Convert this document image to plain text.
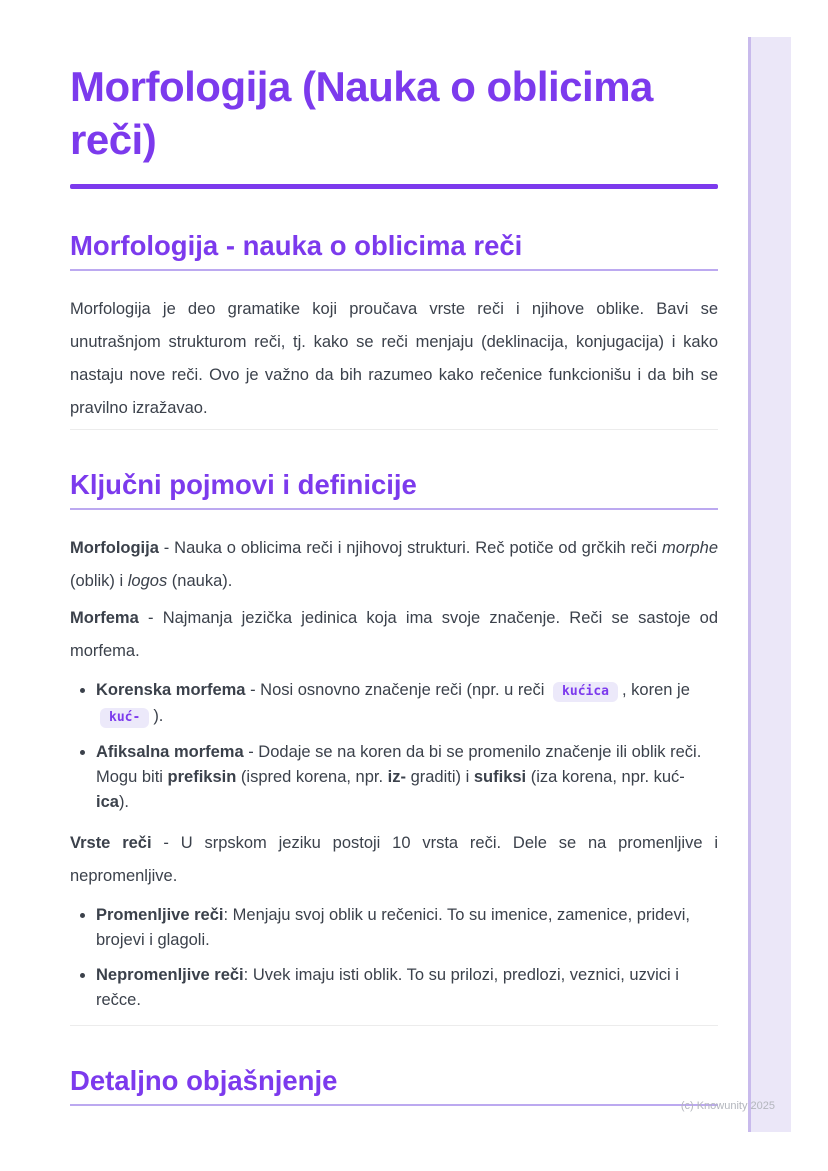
Morfologija (Nauka o oblicima reči)
Morfologija - nauka o oblicima reči

Morfologija je deo gramatike koji proučava vrste reči i njihove oblike. Bavi se unutrašnjom strukturom reči, tj. kako se reči menjaju (deklinacija, konjugacija) i kako nastaju nove reči. Ovo je važno da bih razumeo kako rečenice funkcionišu i da bih se pravilno izražavao.

Ključni pojmovi i definicije

Morfologija - Nauka o oblicima reči i njihovoj strukturi. Reč potiče od grčkih reči morphe (oblik) i logos (nauka).

Morfema - Najmanja jezička jedinica koja ima svoje značenje. Reči se sastoje od morfema.

• Korenska morfema - Nosi osnovno značenje reči (npr. u reči kućica , koren je kuć- ).
• Afiksalna morfema - Dodaje se na koren da bi se promenilo značenje ili oblik reči. Mogu biti prefiksin (ispred korena, npr. iz- graditi) i sufiksi (iza korena, npr. kuć- ica).

Vrste reči - U srpskom jeziku postoji 10 vrsta reči. Dele se na promenljive i nepromenljive.

• Promenljive reči: Menjaju svoj oblik u rečenici. To su imenice, zamenice, pridevi, brojevi i glagoli.
• Nepromenljive reči: Uvek imaju isti oblik. To su prilozi, predlozi, veznici, uzvici i rečce.
Detaljno objašnjenje
(c) Knowunity 2025
